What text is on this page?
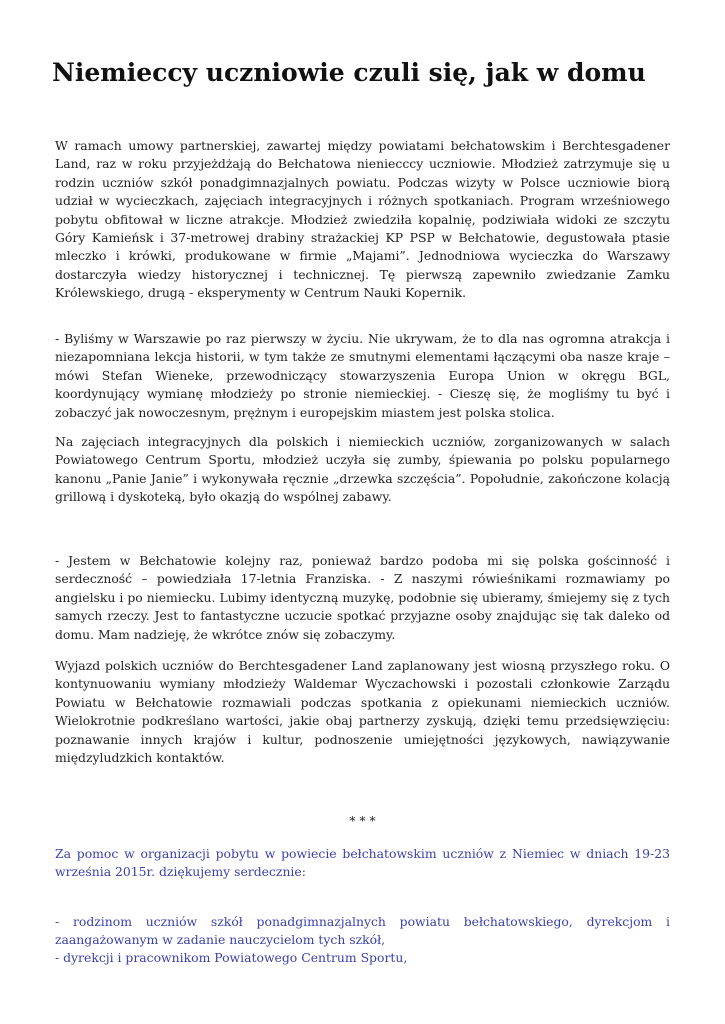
Niemieccy uczniowie czuli się, jak w domu

W ramach umowy partnerskiej, zawartej między powiatami bełchatowskim i Berchtesgadener Land, raz w roku przyjeżdżają do Bełchatowa nieniecccy uczniowie. Młodzież zatrzymuje się u rodzin uczniów szkół ponadgimnazjalnych powiatu. Podczas wizyty w Polsce uczniowie biorą udział w wycieczkach, zajęciach integracyjnych i różnych spotkaniach. Program wrześniowego pobytu obfitował w liczne atrakcje. Młodzież zwiedziła kopalnię, podziwiała widoki ze szczytu Góry Kamieńsk i 37-metrowej drabiny strażackiej KP PSP w Bełchatowie, degustowała ptasie mleczko i krówki, produkowane w firmie „Majami”. Jednodniowa wycieczka do Warszawy dostarczyła wiedzy historycznej i technicznej. Tę pierwszą zapewniło zwiedzanie Zamku Królewskiego, drugą - eksperymenty w Centrum Nauki Kopernik.

- Byliśmy w Warszawie po raz pierwszy w życiu. Nie ukrywam, że to dla nas ogromna atrakcja i niezapomniana lekcja historii, w tym także ze smutnymi elementami łączącymi oba nasze kraje – mówi Stefan Wieneke, przewodniczący stowarzyszenia Europa Union w okręgu BGL, koordynujący wymianę młodzieży po stronie niemieckiej. - Cieszę się, że mogliśmy tu być i zobaczyć jak nowoczesnym, prężnym i europejskim miastem jest polska stolica.

Na zajęciach integracyjnych dla polskich i niemieckich uczniów, zorganizowanych w salach Powiatowego Centrum Sportu, młodzież uczyła się zumby, śpiewania po polsku popularnego kanonu „Panie Janie” i wykonywała ręcznie „drzewka szczęścia”. Popołudnie, zakończone kolacją grillową i dyskoteką, było okazją do wspólnej zabawy.

- Jestem w Bełchatowie kolejny raz, ponieważ bardzo podoba mi się polska gościnność i serdeczność – powiedziała 17-letnia Franziska. - Z naszymi rówieśnikami rozmawiamy po angielsku i po niemiecku. Lubimy identyczną muzykę, podobnie się ubieramy, śmiejemy się z tych samych rzeczy. Jest to fantastyczne uczucie spotkać przyjazne osoby znajdując się tak daleko od domu. Mam nadzieję, że wkrótce znów się zobaczymy.

Wyjazd polskich uczniów do Berchtesgadener Land zaplanowany jest wiosną przyszłego roku. O kontynuowaniu wymiany młodzieży Waldemar Wyczachowski i pozostali członkowie Zarządu Powiatu w Bełchatowie rozmawiali podczas spotkania z opiekunami niemieckich uczniów. Wielokrotnie podkreślano wartości, jakie obaj partnerzy zyskują, dzięki temu przedsięwzięciu: poznawanie innych krajów i kultur, podnoszenie umiejętności językowych, nawiązywanie międzyludzkich kontaktów.

* * *

Za pomoc w organizacji pobytu w powiecie bełchatowskim uczniów z Niemiec w dniach 19-23 września 2015r. dziękujemy serdecznie:

- rodzinom uczniów szkół ponadgimnazjalnych powiatu bełchatowskiego, dyrekcjom i zaangażowanym w zadanie nauczycielom tych szkół,

- dyrekcji i pracownikom Powiatowego Centrum Sportu,
